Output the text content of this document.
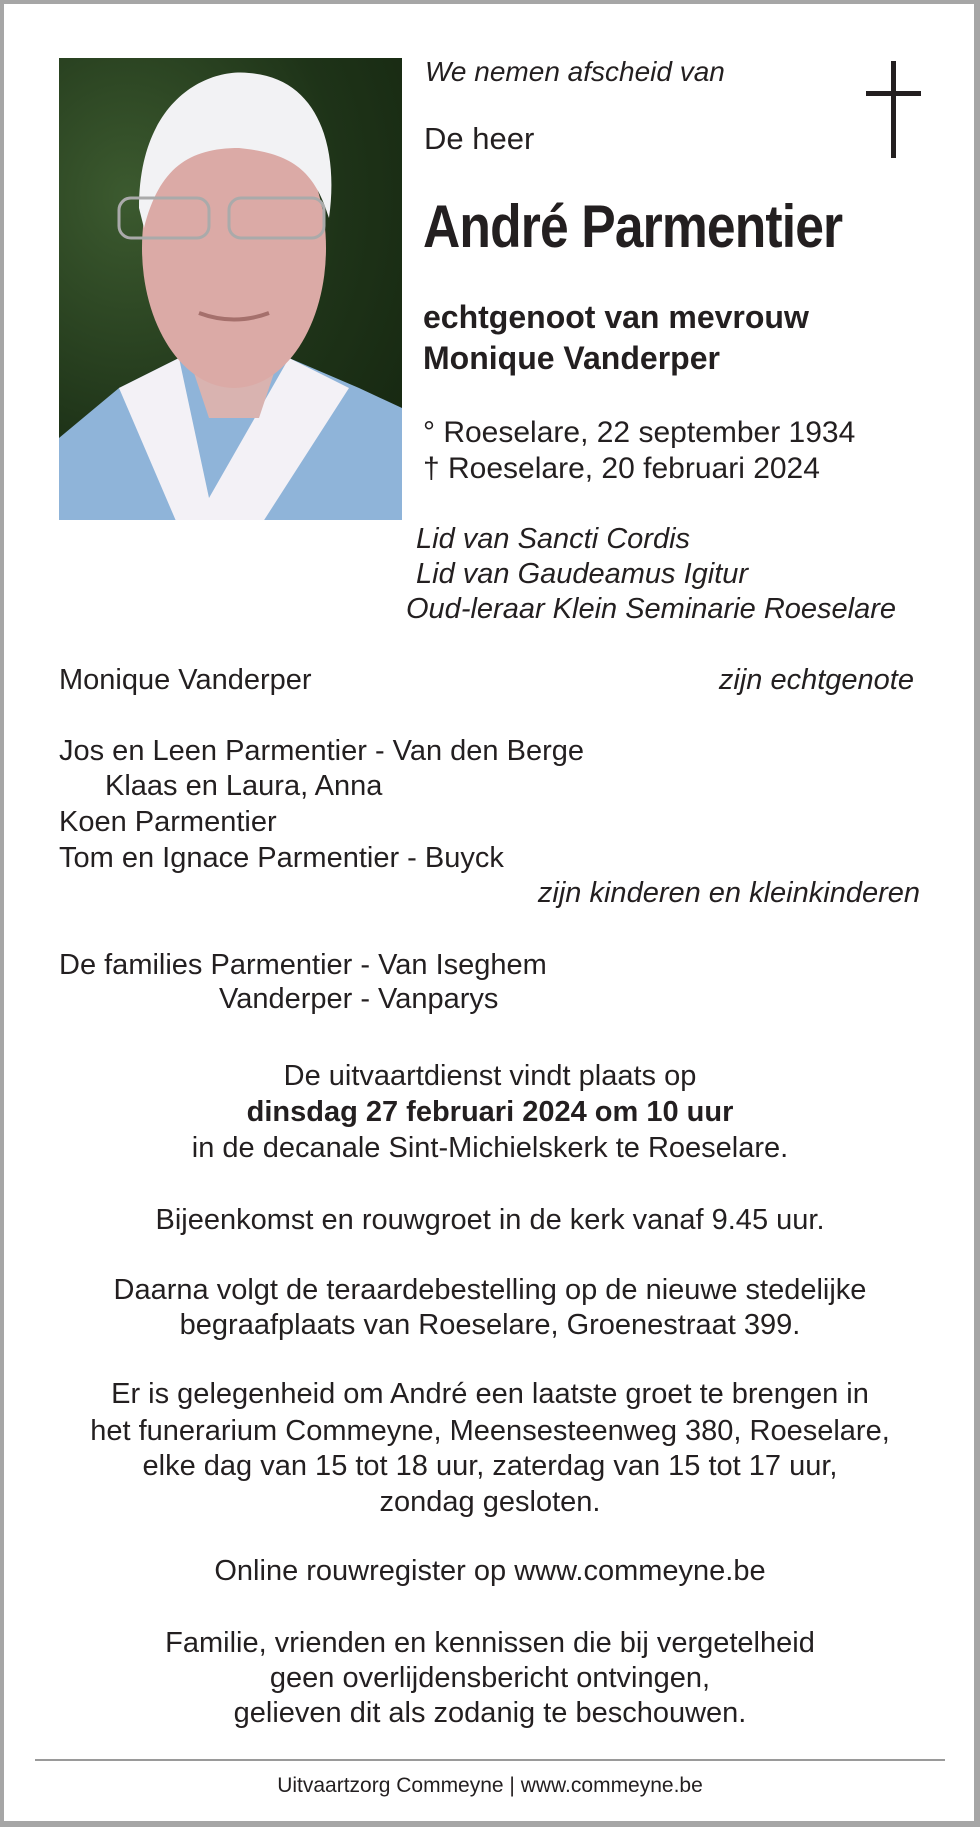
We nemen afscheid van
De heer
André Parmentier
echtgenoot van mevrouw
Monique Vanderper
° Roeselare, 22 september 1934
† Roeselare, 20 februari 2024
Lid van Sancti Cordis
Lid van Gaudeamus Igitur
Oud-leraar Klein Seminarie Roeselare
Monique Vanderper	zijn echtgenote
Jos en Leen Parmentier - Van den Berge
Klaas en Laura, Anna
Koen Parmentier
Tom en Ignace Parmentier - Buyck
zijn kinderen en kleinkinderen
De families Parmentier - Van Iseghem
Vanderper - Vanparys
De uitvaartdienst vindt plaats op
dinsdag 27 februari 2024 om 10 uur
in de decanale Sint-Michielskerk te Roeselare.
Bijeenkomst en rouwgroet in de kerk vanaf 9.45 uur.
Daarna volgt de teraardebestelling op de nieuwe stedelijke
begraafplaats van Roeselare, Groenestraat 399.
Er is gelegenheid om André een laatste groet te brengen in
het funerarium Commeyne, Meensesteenweg 380, Roeselare,
elke dag van 15 tot 18 uur, zaterdag van 15 tot 17 uur,
zondag gesloten.
Online rouwregister op www.commeyne.be
Familie, vrienden en kennissen die bij vergetelheid
geen overlijdensbericht ontvingen,
gelieven dit als zodanig te beschouwen.
Uitvaartzorg Commeyne | www.commeyne.be
